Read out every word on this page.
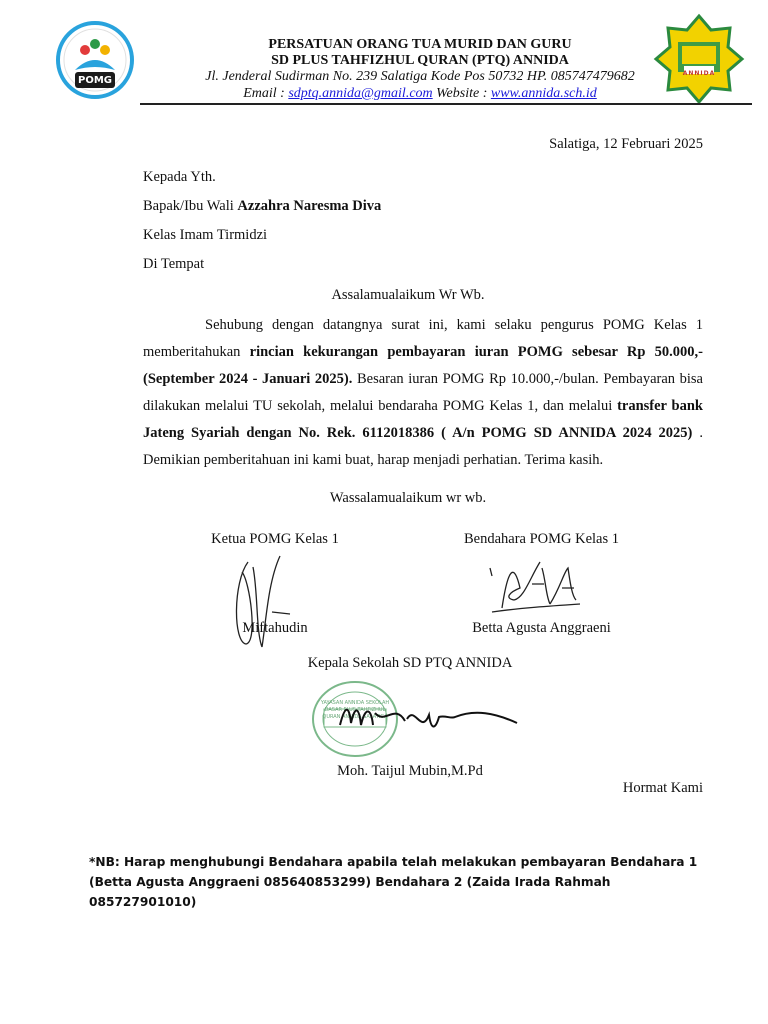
POMG
ANNIDA
PERSATUAN ORANG TUA MURID DAN GURU
SD PLUS TAHFIZHUL QURAN (PTQ) ANNIDA
Jl. Jenderal Sudirman No. 239 Salatiga Kode Pos 50732 HP. 085747479682
Email : sdptq.annida@gmail.com Website : www.annida.sch.id
Salatiga, 12 Februari 2025
Kepada Yth.
Bapak/Ibu Wali Azzahra Naresma Diva
Kelas Imam Tirmidzi
Di Tempat
Assalamualaikum Wr Wb.
Sehubung dengan datangnya surat ini, kami selaku pengurus POMG Kelas 1 memberitahukan rincian kekurangan pembayaran iuran POMG sebesar Rp 50.000,- (September 2024 - Januari 2025). Besaran iuran POMG Rp 10.000,-/bulan. Pembayaran bisa dilakukan melalui TU sekolah, melalui bendaraha POMG Kelas 1, dan melalui transfer bank Jateng Syariah dengan No. Rek. 6112018386 ( A/n POMG SD ANNIDA 2024 2025) . Demikian pemberitahuan ini kami buat, harap menjadi perhatian. Terima kasih.
Wassalamualaikum wr wb.
Ketua POMG Kelas 1	Bendahara POMG Kelas 1
Miftahudin	Betta Agusta Anggraeni
Kepala Sekolah SD PTQ ANNIDA
YAYASAN ANNIDA SEKOLAH DASAR PLUS TAHFIZHUL QURAN ANNIDA SALATIGA
Moh. Taijul Mubin,M.Pd
Hormat Kami
*NB: Harap menghubungi Bendahara apabila telah melakukan pembayaran Bendahara 1 (Betta Agusta Anggraeni 085640853299) Bendahara 2 (Zaida Irada Rahmah 085727901010)
